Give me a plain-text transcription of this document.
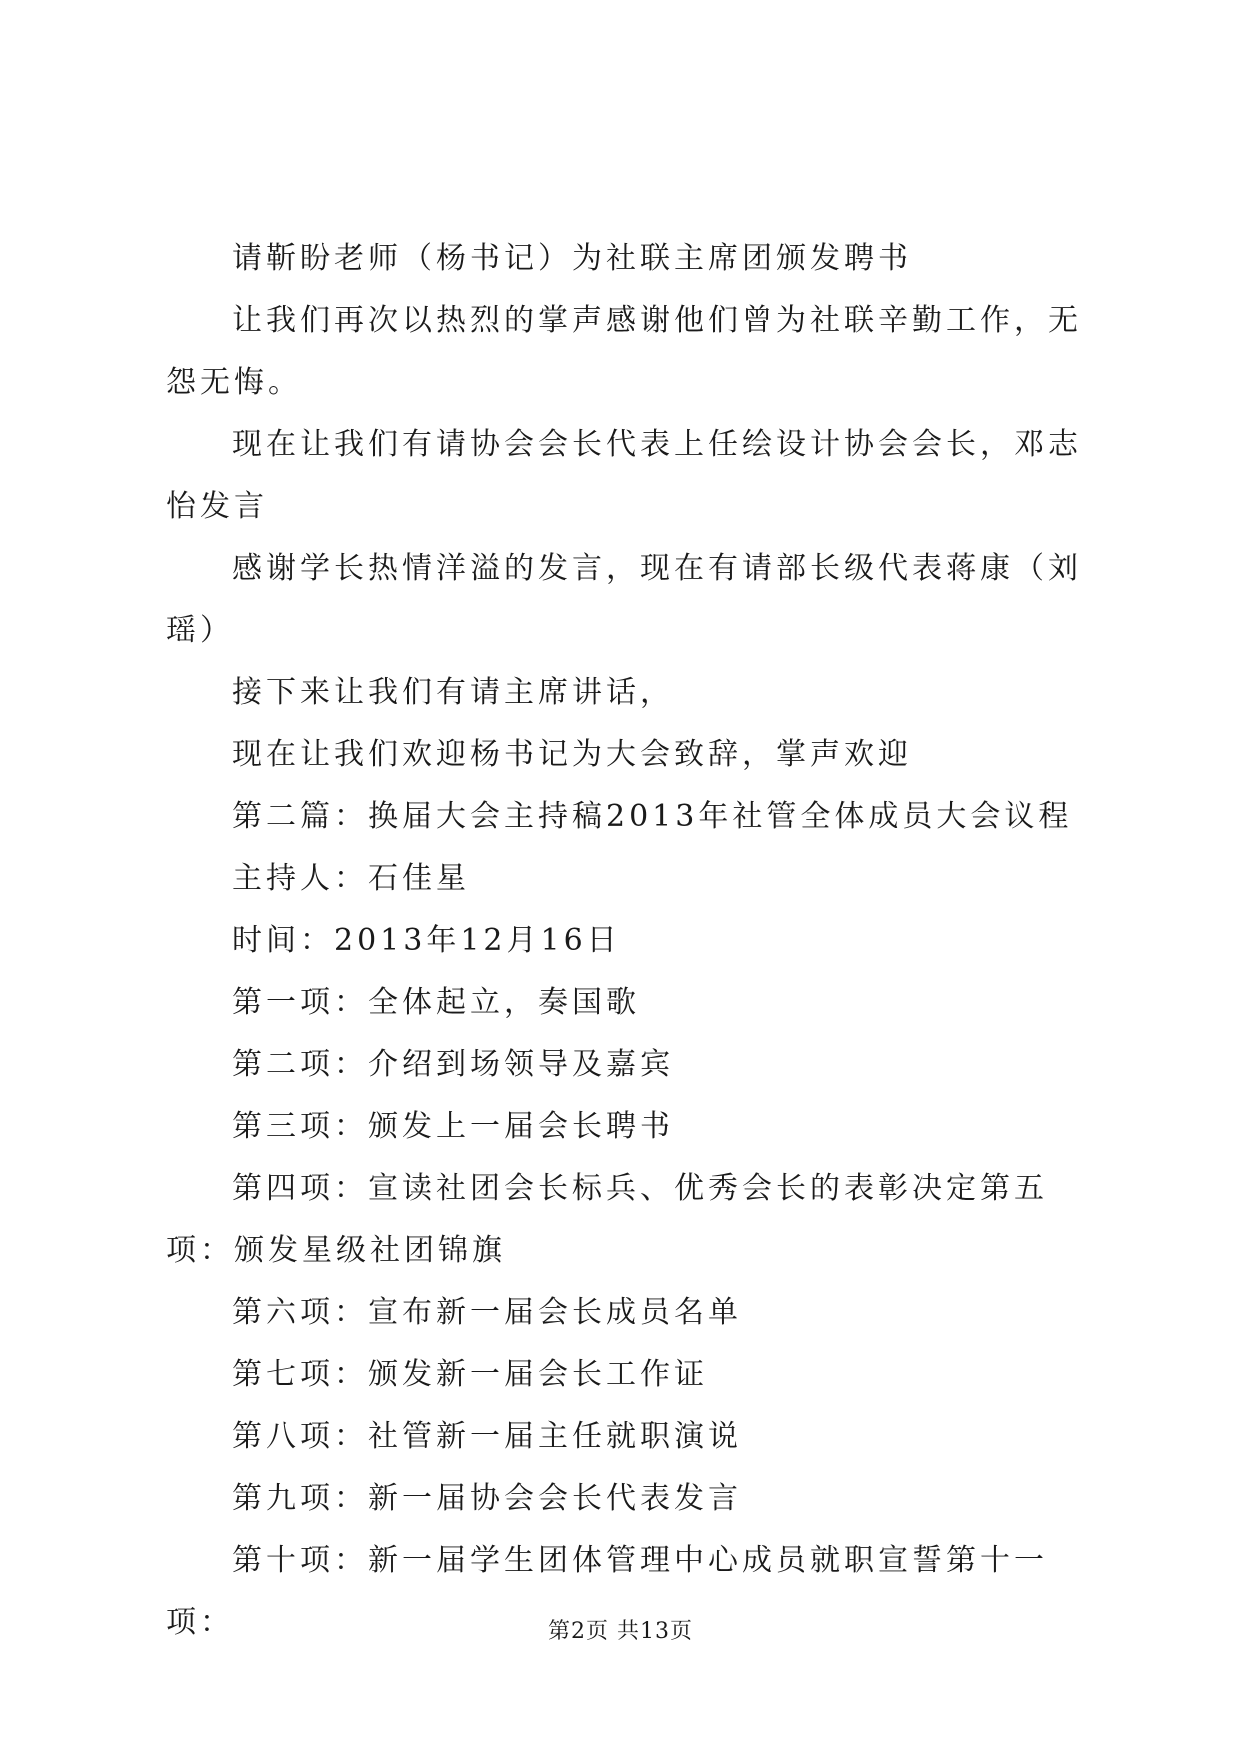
请靳盼老师（杨书记）为社联主席团颁发聘书

让我们再次以热烈的掌声感谢他们曾为社联辛勤工作，无怨无悔。

现在让我们有请协会会长代表上任绘设计协会会长，邓志怡发言

感谢学长热情洋溢的发言，现在有请部长级代表蒋康（刘瑶）

接下来让我们有请主席讲话，

现在让我们欢迎杨书记为大会致辞，掌声欢迎

第二篇：换届大会主持稿2013年社管全体成员大会议程

主持人：石佳星

时间：2013年12月16日

第一项：全体起立，奏国歌

第二项：介绍到场领导及嘉宾

第三项：颁发上一届会长聘书

第四项：宣读社团会长标兵、优秀会长的表彰决定第五项：颁发星级社团锦旗

第六项：宣布新一届会长成员名单

第七项：颁发新一届会长工作证

第八项：社管新一届主任就职演说

第九项：新一届协会会长代表发言

第十项：新一届学生团体管理中心成员就职宣誓第十一项：	第2页 共13页
